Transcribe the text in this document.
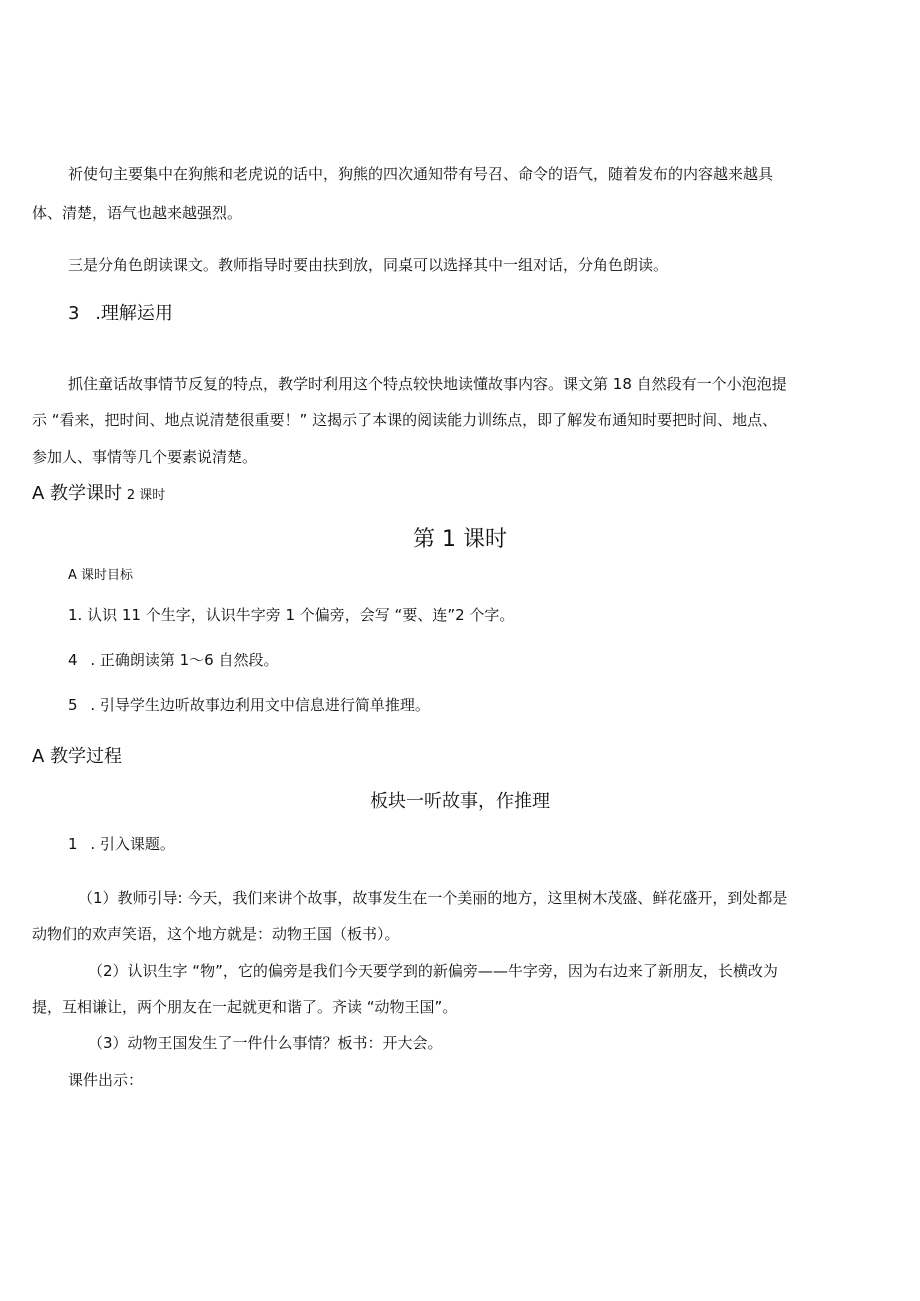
祈使句主要集中在狗熊和老虎说的话中，狗熊的四次通知带有号召、命令的语气，随着发布的内容越来越具
体、清楚，语气也越来越强烈。
三是分角色朗读课文。教师指导时要由扶到放，同桌可以选择其中一组对话，分角色朗读。
3 .理解运用
抓住童话故事情节反复的特点，教学时利用这个特点较快地读懂故事内容。课文第 18 自然段有一个小泡泡提
示 “看来，把时间、地点说清楚很重要！” 这揭示了本课的阅读能力训练点，即了解发布通知时要把时间、地点、
参加人、事情等几个要素说清楚。
A 教学课时 2 课时
第 1 课时
A 课时目标
1. 认识 11 个生字，认识牛字旁 1 个偏旁，会写 “要、连”2 个字。
4 . 正确朗读第 1～6 自然段。
5 . 引导学生边听故事边利用文中信息进行简单推理。
A 教学过程
板块一听故事，作推理
1 . 引入课题。
（1）教师引导: 今天，我们来讲个故事，故事发生在一个美丽的地方，这里树木茂盛、鲜花盛开，到处都是
动物们的欢声笑语，这个地方就是：动物王国（板书）。
（2）认识生字 “物”，它的偏旁是我们今天要学到的新偏旁——牛字旁，因为右边来了新朋友，长横改为
提，互相谦让，两个朋友在一起就更和谐了。齐读 “动物王国”。
（3）动物王国发生了一件什么事情？板书：开大会。
课件出示：
